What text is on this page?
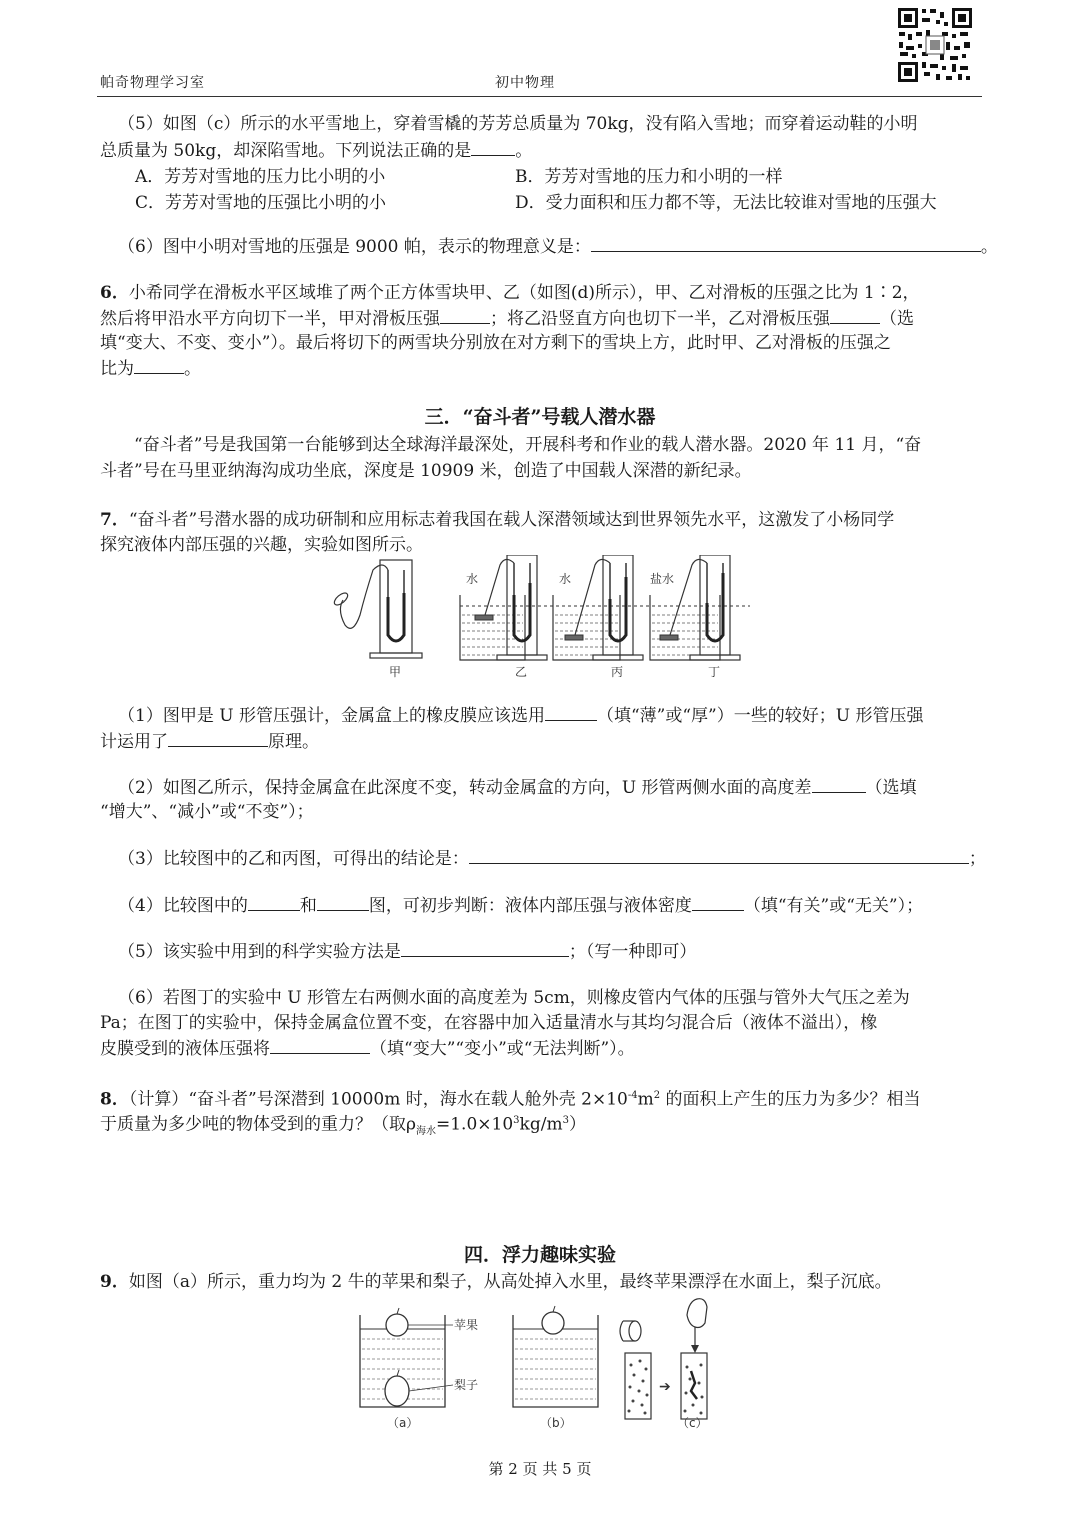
帕奇物理学习室	初中物理
（5）如图（c）所示的水平雪地上，穿着雪橇的芳芳总质量为 70kg，没有陷入雪地；而穿着运动鞋的小明
总质量为 50kg，却深陷雪地。下列说法正确的是	。
A．芳芳对雪地的压力比小明的小	B．芳芳对雪地的压力和小明的一样
C．芳芳对雪地的压强比小明的小	D．受力面积和压力都不等，无法比较谁对雪地的压强大
（6）图中小明对雪地的压强是 9000 帕，表示的物理意义是：	。
6．小希同学在滑板水平区域堆了两个正方体雪块甲、乙（如图(d)所示），甲、乙对滑板的压强之比为 1∶2，
然后将甲沿水平方向切下一半，甲对滑板压强	；将乙沿竖直方向也切下一半，乙对滑板压强	（选
填“变大、不变、变小”）。最后将切下的两雪块分别放在对方剩下的雪块上方，此时甲、乙对滑板的压强之
比为	。
三．“奋斗者”号载人潜水器
“奋斗者”号是我国第一台能够到达全球海洋最深处，开展科考和作业的载人潜水器。2020 年 11 月，“奋
斗者”号在马里亚纳海沟成功坐底，深度是 10909 米，创造了中国载人深潜的新纪录。
7．“奋斗者”号潜水器的成功研制和应用标志着我国在载人深潜领域达到世界领先水平，这激发了小杨同学
探究液体内部压强的兴趣，实验如图所示。
甲
水
乙
水
丙
盐水
丁
（1）图甲是 U 形管压强计，金属盒上的橡皮膜应该选用	（填“薄”或“厚”）一些的较好；U 形管压强
计运用了	原理。
（2）如图乙所示，保持金属盒在此深度不变，转动金属盒的方向，U 形管两侧水面的高度差	（选填
“增大”、“减小”或“不变”）；
（3）比较图中的乙和丙图，可得出的结论是：	；
（4）比较图中的	和	图，可初步判断：液体内部压强与液体密度	（填“有关”或“无关”）；
（5）该实验中用到的科学实验方法是	；（写一种即可）
（6）若图丁的实验中 U 形管左右两侧水面的高度差为 5cm，则橡皮管内气体的压强与管外大气压之差为
Pa；在图丁的实验中，保持金属盒位置不变，在容器中加入适量清水与其均匀混合后（液体不溢出），橡
皮膜受到的液体压强将	（填“变大”“变小”或“无法判断”）。
8．（计算）“奋斗者”号深潜到 10000m 时，海水在载人舱外壳 $2\times 10^{-4}m^2$ 的面积上产生的压力为多少？相当
于质量为多少吨的物体受到的重力？（取$\rho_{海水}=1.0\times 10^3kg/m^3$）
四．浮力趣味实验
9．如图（a）所示，重力均为 2 牛的苹果和梨子，从高处掉入水里，最终苹果漂浮在水面上，梨子沉底。
苹果
梨子
（a）	（b）
➔
（c）
第 2 页 共 5 页
